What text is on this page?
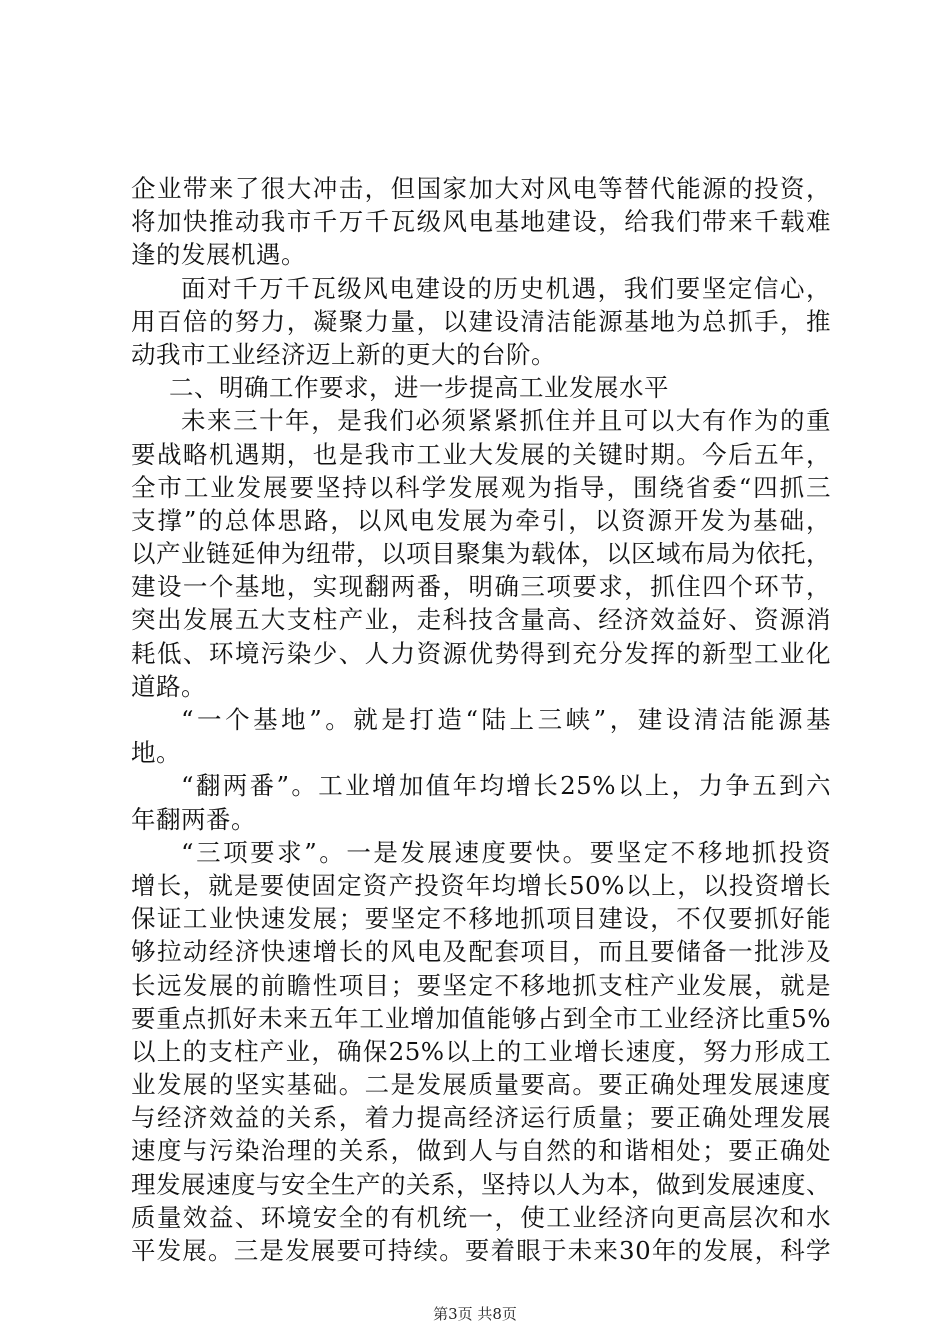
企业带来了很大冲击，但国家加大对风电等替代能源的投资，
将加快推动我市千万千瓦级风电基地建设，给我们带来千载难
逢的发展机遇。
面对千万千瓦级风电建设的历史机遇，我们要坚定信心，
用百倍的努力，凝聚力量，以建设清洁能源基地为总抓手，推
动我市工业经济迈上新的更大的台阶。
二、明确工作要求，进一步提高工业发展水平
未来三十年，是我们必须紧紧抓住并且可以大有作为的重
要战略机遇期，也是我市工业大发展的关键时期。今后五年，
全市工业发展要坚持以科学发展观为指导，围绕省委“四抓三
支撑”的总体思路，以风电发展为牵引，以资源开发为基础，
以产业链延伸为纽带，以项目聚集为载体，以区域布局为依托，
建设一个基地，实现翻两番，明确三项要求，抓住四个环节，
突出发展五大支柱产业，走科技含量高、经济效益好、资源消
耗低、环境污染少、人力资源优势得到充分发挥的新型工业化
道路。
“一个基地”。就是打造“陆上三峡”，建设清洁能源基
地。
“翻两番”。工业增加值年均增长25%以上，力争五到六
年翻两番。
“三项要求”。一是发展速度要快。要坚定不移地抓投资
增长，就是要使固定资产投资年均增长50%以上，以投资增长
保证工业快速发展；要坚定不移地抓项目建设，不仅要抓好能
够拉动经济快速增长的风电及配套项目，而且要储备一批涉及
长远发展的前瞻性项目；要坚定不移地抓支柱产业发展，就是
要重点抓好未来五年工业增加值能够占到全市工业经济比重5%
以上的支柱产业，确保25%以上的工业增长速度，努力形成工
业发展的坚实基础。二是发展质量要高。要正确处理发展速度
与经济效益的关系，着力提高经济运行质量；要正确处理发展
速度与污染治理的关系，做到人与自然的和谐相处；要正确处
理发展速度与安全生产的关系，坚持以人为本，做到发展速度、
质量效益、环境安全的有机统一，使工业经济向更高层次和水
平发展。三是发展要可持续。要着眼于未来30年的发展，科学
第3页 共8页
